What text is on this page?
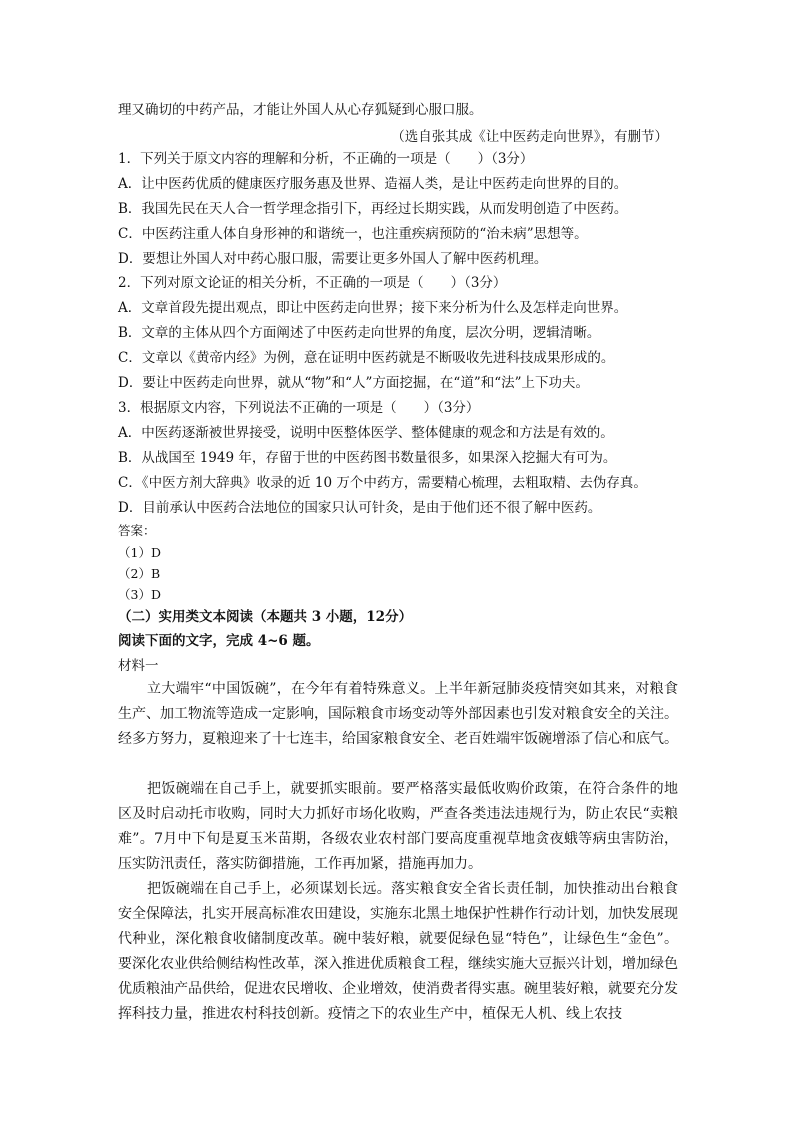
理又确切的中药产品，才能让外国人从心存狐疑到心服口服。
（选自张其成《让中医药走向世界》，有删节）
1．下列关于原文内容的理解和分析，不正确的一项是（　　）（3分）
A．让中医药优质的健康医疗服务惠及世界、造福人类，是让中医药走向世界的目的。
B．我国先民在天人合一哲学理念指引下，再经过长期实践，从而发明创造了中医药。
C．中医药注重人体自身形神的和谐统一，也注重疾病预防的“治未病”思想等。
D．要想让外国人对中药心服口服，需要让更多外国人了解中医药机理。
2．下列对原文论证的相关分析，不正确的一项是（　　）（3分）
A．文章首段先提出观点，即让中医药走向世界；接下来分析为什么及怎样走向世界。
B．文章的主体从四个方面阐述了中医药走向世界的角度，层次分明，逻辑清晰。
C．文章以《黄帝内经》为例，意在证明中医药就是不断吸收先进科技成果形成的。
D．要让中医药走向世界，就从“物”和“人”方面挖掘，在“道”和“法”上下功夫。
3．根据原文内容，下列说法不正确的一项是（　　）（3分）
A．中医药逐渐被世界接受，说明中医整体医学、整体健康的观念和方法是有效的。
B．从战国至 1949 年，存留于世的中医药图书数量很多，如果深入挖掘大有可为。
C．《中医方剂大辞典》收录的近 10 万个中药方，需要精心梳理，去粗取精、去伪存真。
D．目前承认中医药合法地位的国家只认可针灸，是由于他们还不很了解中医药。
答案：
（1）D
（2）B
（3）D
（二）实用类文本阅读（本题共 3 小题，12分）
阅读下面的文字，完成 4~6 题。
材料一
立大端牢“中国饭碗”，在今年有着特殊意义。上半年新冠肺炎疫情突如其来，对粮食生产、加工物流等造成一定影响，国际粮食市场变动等外部因素也引发对粮食安全的关注。经多方努力，夏粮迎来了十七连丰，给国家粮食安全、老百姓端牢饭碗增添了信心和底气。
把饭碗端在自己手上，就要抓实眼前。要严格落实最低收购价政策，在符合条件的地区及时启动托市收购，同时大力抓好市场化收购，严查各类违法违规行为，防止农民“卖粮难”。7月中下旬是夏玉米苗期，各级农业农村部门要高度重视草地贪夜蛾等病虫害防治，压实防汛责任，落实防御措施，工作再加紧，措施再加力。
把饭碗端在自己手上，必须谋划长远。落实粮食安全省长责任制，加快推动出台粮食安全保障法，扎实开展高标准农田建设，实施东北黑土地保护性耕作行动计划，加快发展现代种业，深化粮食收储制度改革。碗中装好粮，就要促绿色显“特色”，让绿色生“金色”。要深化农业供给侧结构性改革，深入推进优质粮食工程，继续实施大豆振兴计划，增加绿色优质粮油产品供给，促进农民增收、企业增效，使消费者得实惠。碗里装好粮，就要充分发挥科技力量，推进农村科技创新。疫情之下的农业生产中，植保无人机、线上农技
